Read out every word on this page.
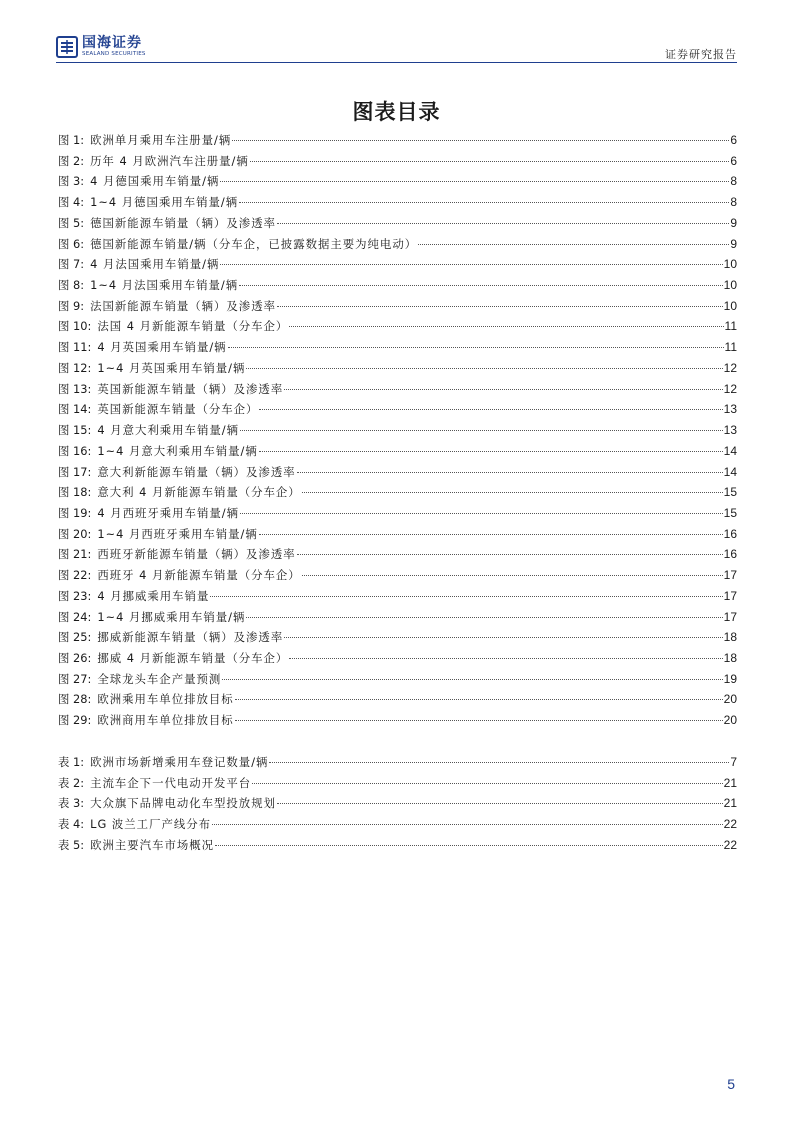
国海证券
SEALAND SECURITIES	证券研究报告
图表目录
图 1: 欧洲单月乘用车注册量/辆	6
图 2: 历年 4 月欧洲汽车注册量/辆	6
图 3: 4 月德国乘用车销量/辆	8
图 4: 1~4 月德国乘用车销量/辆	8
图 5: 德国新能源车销量（辆）及渗透率	9
图 6: 德国新能源车销量/辆（分车企，已披露数据主要为纯电动）	9
图 7: 4 月法国乘用车销量/辆	10
图 8: 1~4 月法国乘用车销量/辆	10
图 9: 法国新能源车销量（辆）及渗透率	10
图 10: 法国 4 月新能源车销量（分车企）	11
图 11: 4 月英国乘用车销量/辆	11
图 12: 1~4 月英国乘用车销量/辆	12
图 13: 英国新能源车销量（辆）及渗透率	12
图 14: 英国新能源车销量（分车企）	13
图 15: 4 月意大利乘用车销量/辆	13
图 16: 1~4 月意大利乘用车销量/辆	14
图 17: 意大利新能源车销量（辆）及渗透率	14
图 18: 意大利 4 月新能源车销量（分车企）	15
图 19: 4 月西班牙乘用车销量/辆	15
图 20: 1~4 月西班牙乘用车销量/辆	16
图 21: 西班牙新能源车销量（辆）及渗透率	16
图 22: 西班牙 4 月新能源车销量（分车企）	17
图 23: 4 月挪威乘用车销量	17
图 24: 1~4 月挪威乘用车销量/辆	17
图 25: 挪威新能源车销量（辆）及渗透率	18
图 26: 挪威 4 月新能源车销量（分车企）	18
图 27: 全球龙头车企产量预测	19
图 28: 欧洲乘用车单位排放目标	20
图 29: 欧洲商用车单位排放目标	20
表 1: 欧洲市场新增乘用车登记数量/辆	7
表 2: 主流车企下一代电动开发平台	21
表 3: 大众旗下品牌电动化车型投放规划	21
表 4: LG 波兰工厂产线分布	22
表 5: 欧洲主要汽车市场概况	22
5
